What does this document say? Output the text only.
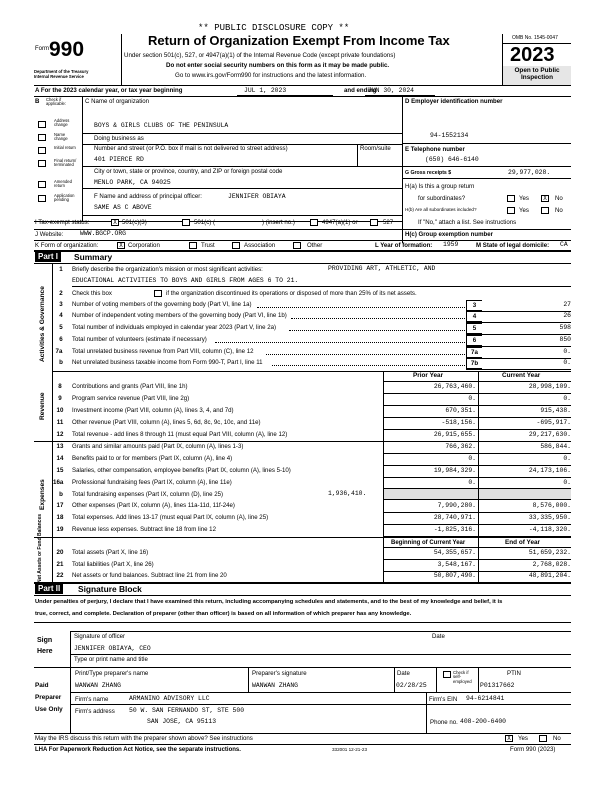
** PUBLIC DISCLOSURE COPY **
Form 990
Department of the Treasury
Internal Revenue Service
Return of Organization Exempt From Income Tax
Under section 501(c), 527, or 4947(a)(1) of the Internal Revenue Code (except private foundations)
Do not enter social security numbers on this form as it may be made public.
Go to www.irs.gov/Form990 for instructions and the latest information.
OMB No. 1545-0047
2023
Open to Public
Inspection
A For the 2023 calendar year, or tax year beginning	JUL 1, 2023	and ending
JUN 30, 2024
B Check if applicable:
Address change
Name change
Initial return
Final return/ terminated
Amended return
Application pending
C Name of organization
BOYS & GIRLS CLUBS OF THE PENINSULA
Doing business as
Number and street (or P.O. box if mail is not delivered to street address)	Room/suite
401 PIERCE RD
City or town, state or province, country, and ZIP or foreign postal code
MENLO PARK, CA 94025
F Name and address of principal officer:	JENNIFER OBIAYA
SAME AS C ABOVE
D Employer identification number
94-1552134
E Telephone number
(650) 646-6140
G Gross receipts $	29,977,028.
H(a) Is this a group return
for subordinates?	Yes	X	No
H(b) Are all subordinates included?	Yes	No
If "No," attach a list. See instructions
I Tax-exempt status:	X 501(c)(3)	501(c) (	) (insert no.)	4947(a)(1) or	527
J Website:	WWW.BGCP.ORG	H(c) Group exemption number
K Form of organization:	X Corporation	Trust	Association	Other	L Year of formation: 1959	M State of legal domicile: CA
Part I	Summary
Activities & Governance
1	Briefly describe the organization's mission or most significant activities:	PROVIDING ART, ATHLETIC, AND
EDUCATIONAL ACTIVITIES TO BOYS AND GIRLS FROM AGES 6 TO 21.
2	Check this box	if the organization discontinued its operations or disposed of more than 25% of its net assets.
3	Number of voting members of the governing body (Part VI, line 1a)	3	27
4	Number of independent voting members of the governing body (Part VI, line 1b)	4	26
5	Total number of individuals employed in calendar year 2023 (Part V, line 2a)	5	598
6	Total number of volunteers (estimate if necessary)	6	850
7a Total unrelated business revenue from Part VIII, column (C), line 12	7a	0.
b	Net unrelated business taxable income from Form 990-T, Part I, line 11	7b	0.
Prior Year	Current Year
Revenue
8	Contributions and grants (Part VIII, line 1h)	26,763,460.	28,998,109.
9	Program service revenue (Part VIII, line 2g)	0.	0.
10 Investment income (Part VIII, column (A), lines 3, 4, and 7d)	670,351.	915,438.
11 Other revenue (Part VIII, column (A), lines 5, 6d, 8c, 9c, 10c, and 11e)	-518,156.	-695,917.
12 Total revenue - add lines 8 through 11 (must equal Part VIII, column (A), line 12)	26,915,655.	29,217,630.
Expenses
13 Grants and similar amounts paid (Part IX, column (A), lines 1-3)	766,362.	586,844.
14 Benefits paid to or for members (Part IX, column (A), line 4)	0.	0.
15 Salaries, other compensation, employee benefits (Part IX, column (A), lines 5-10)	19,984,329.	24,173,106.
16a Professional fundraising fees (Part IX, column (A), line 11e)	0.	0.
b	Total fundraising expenses (Part IX, column (D), line 25)	1,936,410.
17 Other expenses (Part IX, column (A), lines 11a-11d, 11f-24e)	7,990,280.	8,576,000.
18 Total expenses. Add lines 13-17 (must equal Part IX, column (A), line 25)	28,740,971.	33,335,950.
19 Revenue less expenses. Subtract line 18 from line 12	-1,825,316.	-4,118,320.
Beginning of Current Year	End of Year
Net Assets or Fund Balances 20 Total assets (Part X, line 16)	54,355,657.	51,659,232.
21 Total liabilities (Part X, line 26)	3,548,167.	2,768,028.
22 Net assets or fund balances. Subtract line 21 from line 20	50,807,490.	48,891,204.
Part II	Signature Block
Under penalties of perjury, I declare that I have examined this return, including accompanying schedules and statements, and to the best of my knowledge and belief, it is
true, correct, and complete. Declaration of preparer (other than officer) is based on all information of which preparer has any knowledge.
Sign
Here
Signature of officer	Date
JENNIFER OBIAYA, CEO
Type or print name and title
Paid
Preparer
Use Only
Print/Type preparer's name
WANWAN ZHANG
Preparer's signature
WANWAN ZHANG
Date
02/28/25
Check if self-employed
PTIN
P01317662
Firm's name	ARMANINO ADVISORY LLC	Firm's EIN 94-6214841
Firm's address 50 W. SAN FERNANDO ST, STE 500
SAN JOSE, CA 95113	Phone no. 408-200-6400
May the IRS discuss this return with the preparer shown above? See instructions	X	Yes	No
LHA For Paperwork Reduction Act Notice, see the separate instructions.	332001 12-21-23	Form 990 (2023)
